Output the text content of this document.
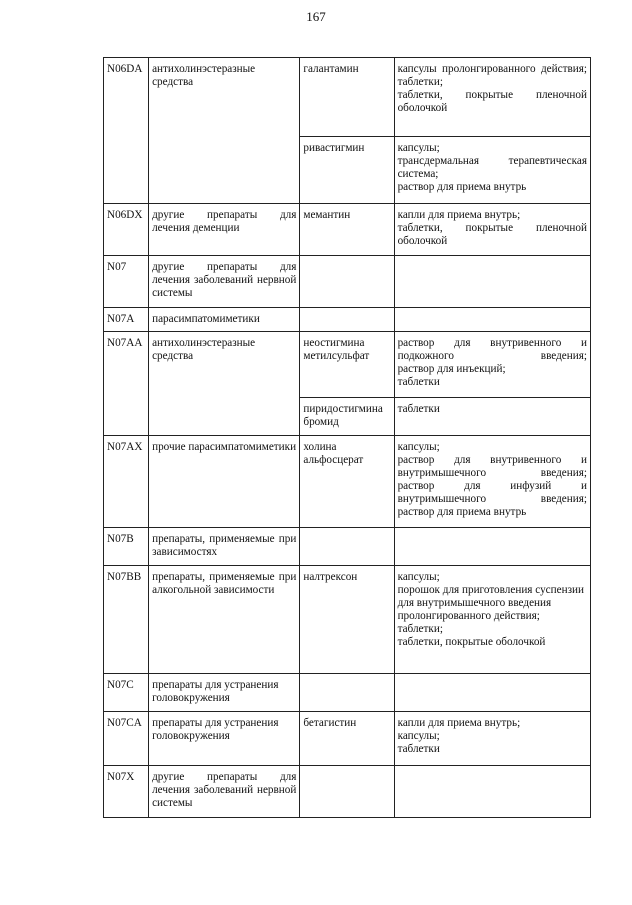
167
N06DA	антихолинэстеразные средства	галантамин	капсулы пролонгированного действия;
таблетки;
таблетки, покрытые пленочной оболочкой

		ривастигмин	капсулы;
трансдермальная терапевтическая система;
раствор для приема внутрь

N06DX	другие препараты для лечения деменции	мемантин	капли для приема внутрь;
таблетки, покрытые пленочной оболочкой

N07	другие препараты для лечения заболеваний нервной системы		
N07A	парасимпатомиметики		
N07AA	антихолинэстеразные средства	неостигмина метилсульфат	раствор для внутривенного и подкожного введения;
раствор для инъекций;
таблетки

		пиридостигмина бромид	таблетки

N07AX	прочие парасимпатомиметики	холина альфосцерат	капсулы;
раствор для внутривенного и внутримышечного введения;
раствор для инфузий и внутримышечного введения;
раствор для приема внутрь

N07B	препараты, применяемые при зависимостях		
N07BB	препараты, применяемые при алкогольной зависимости	налтрексон	капсулы;
порошок для приготовления суспензии для внутримышечного введения пролонгированного действия;
таблетки;
таблетки, покрытые оболочкой

N07C	препараты для устранения головокружения		
N07CA	препараты для устранения головокружения	бетагистин	капли для приема внутрь;
капсулы;
таблетки

N07X	другие препараты для лечения заболеваний нервной системы		
